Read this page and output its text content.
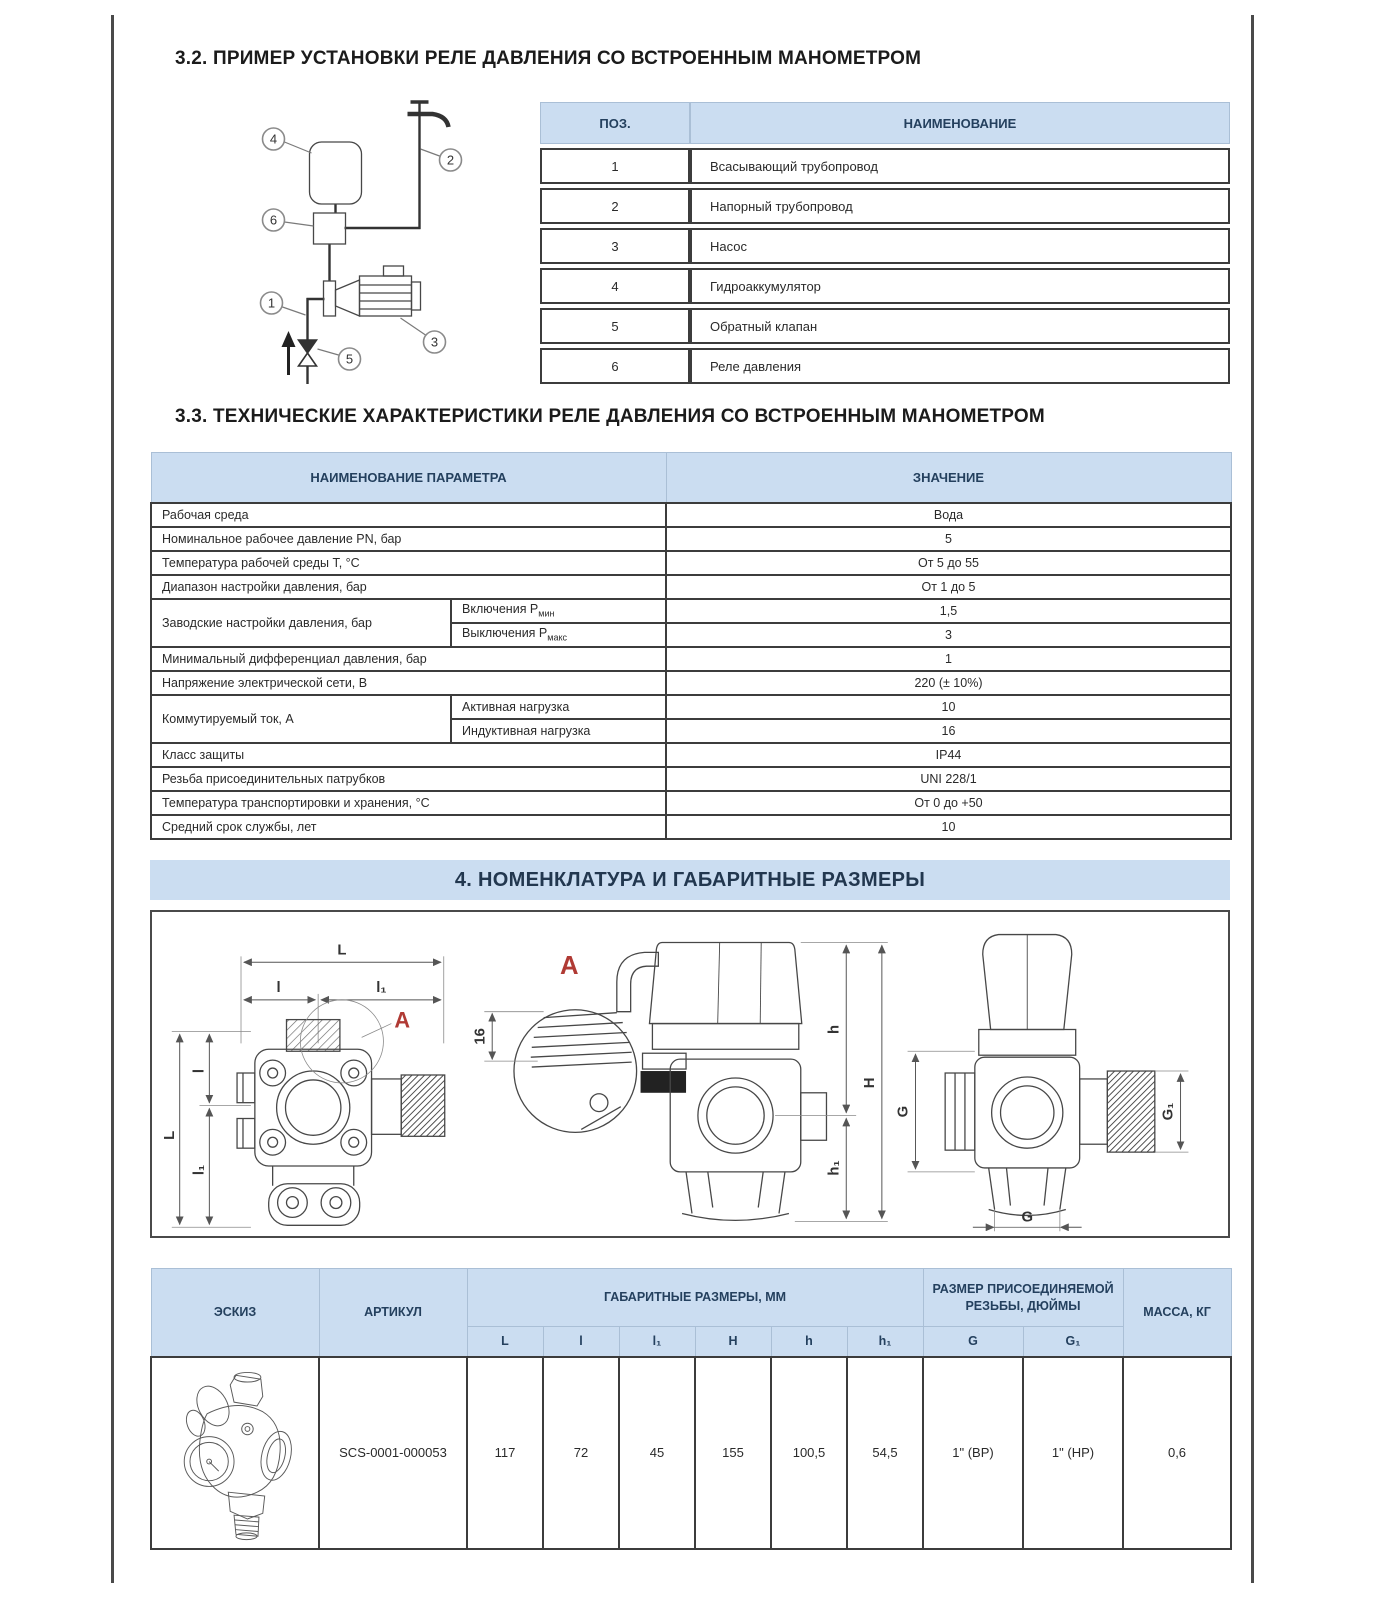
3.2. ПРИМЕР УСТАНОВКИ РЕЛЕ ДАВЛЕНИЯ СО ВСТРОЕННЫМ МАНОМЕТРОМ
4
6
2
1
5
3
ПОЗ.	НАИМЕНОВАНИЕ
1	Всасывающий трубопровод
2	Напорный трубопровод
3	Насос
4	Гидроаккумулятор
5	Обратный клапан
6	Реле давления
3.3. ТЕХНИЧЕСКИЕ ХАРАКТЕРИСТИКИ РЕЛЕ ДАВЛЕНИЯ СО ВСТРОЕННЫМ МАНОМЕТРОМ
НАИМЕНОВАНИЕ ПАРАМЕТРА		ЗНАЧЕНИЕ
Рабочая среда		Вода
Номинальное рабочее давление PN, бар		5
Температура рабочей среды Т, °С		От 5 до 55
Диапазон настройки давления, бар		От 1 до 5
Заводские настройки давления, бар	Включения $Р_{мин}$	1,5
	Выключения $Р_{макс}$	3
Минимальный дифференциал давления, бар		1
Напряжение электрической сети, В		220 (± 10%)
Коммутируемый ток, А	Активная нагрузка	10
	Индуктивная нагрузка	16
Класс защиты		IP44
Резьба присоединительных патрубков		UNI 228/1
Температура транспортировки и хранения, °С		От 0 до +50
Средний срок службы, лет		10
4. НОМЕНКЛАТУРА И ГАБАРИТНЫЕ РАЗМЕРЫ
L
l	l₁
L
l
l₁
A
A
16	h
h₁
H
G	G₁
G
ЭСКИЗ	АРТИКУЛ	ГАБАРИТНЫЕ РАЗМЕРЫ, ММ						РАЗМЕР ПРИСОЕДИНЯЕМОЙ РЕЗЬБЫ, ДЮЙМЫ		МАССА, КГ
		L	l	l₁	H	h	h₁	G	G₁	
	SCS-0001-000053	117	72	45	155	100,5	54,5	1" (ВР)	1" (НР)	0,6
